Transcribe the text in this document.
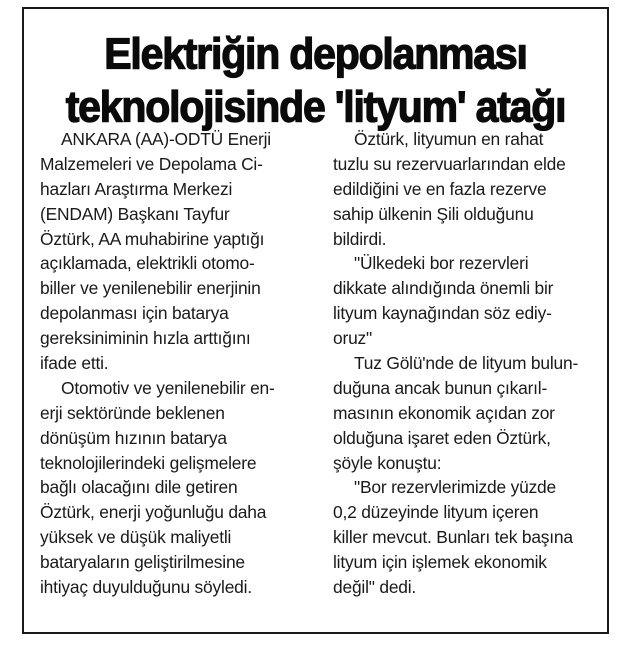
Elektriğin depolanması
teknolojisinde 'lityum' atağı
ANKARA (AA)-ODTÜ Enerji
Malzemeleri ve Depolama Ci-
hazları Araştırma Merkezi
(ENDAM) Başkanı Tayfur
Öztürk, AA muhabirine yaptığı
açıklamada, elektrikli otomo-
biller ve yenilenebilir enerjinin
depolanması için batarya
gereksiniminin hızla arttığını
ifade etti.
Otomotiv ve yenilenebilir en-
erji sektöründe beklenen
dönüşüm hızının batarya
teknolojilerindeki gelişmelere
bağlı olacağını dile getiren
Öztürk, enerji yoğunluğu daha
yüksek ve düşük maliyetli
bataryaların geliştirilmesine
ihtiyaç duyulduğunu söyledi.
Öztürk, lityumun en rahat
tuzlu su rezervuarlarından elde
edildiğini ve en fazla rezerve
sahip ülkenin Şili olduğunu
bildirdi.
"Ülkedeki bor rezervleri
dikkate alındığında önemli bir
lityum kaynağından söz ediy-
oruz"
Tuz Gölü'nde de lityum bulun-
duğuna ancak bunun çıkarıl-
masının ekonomik açıdan zor
olduğuna işaret eden Öztürk,
şöyle konuştu:
"Bor rezervlerimizde yüzde
0,2 düzeyinde lityum içeren
killer mevcut. Bunları tek başına
lityum için işlemek ekonomik
değil" dedi.
